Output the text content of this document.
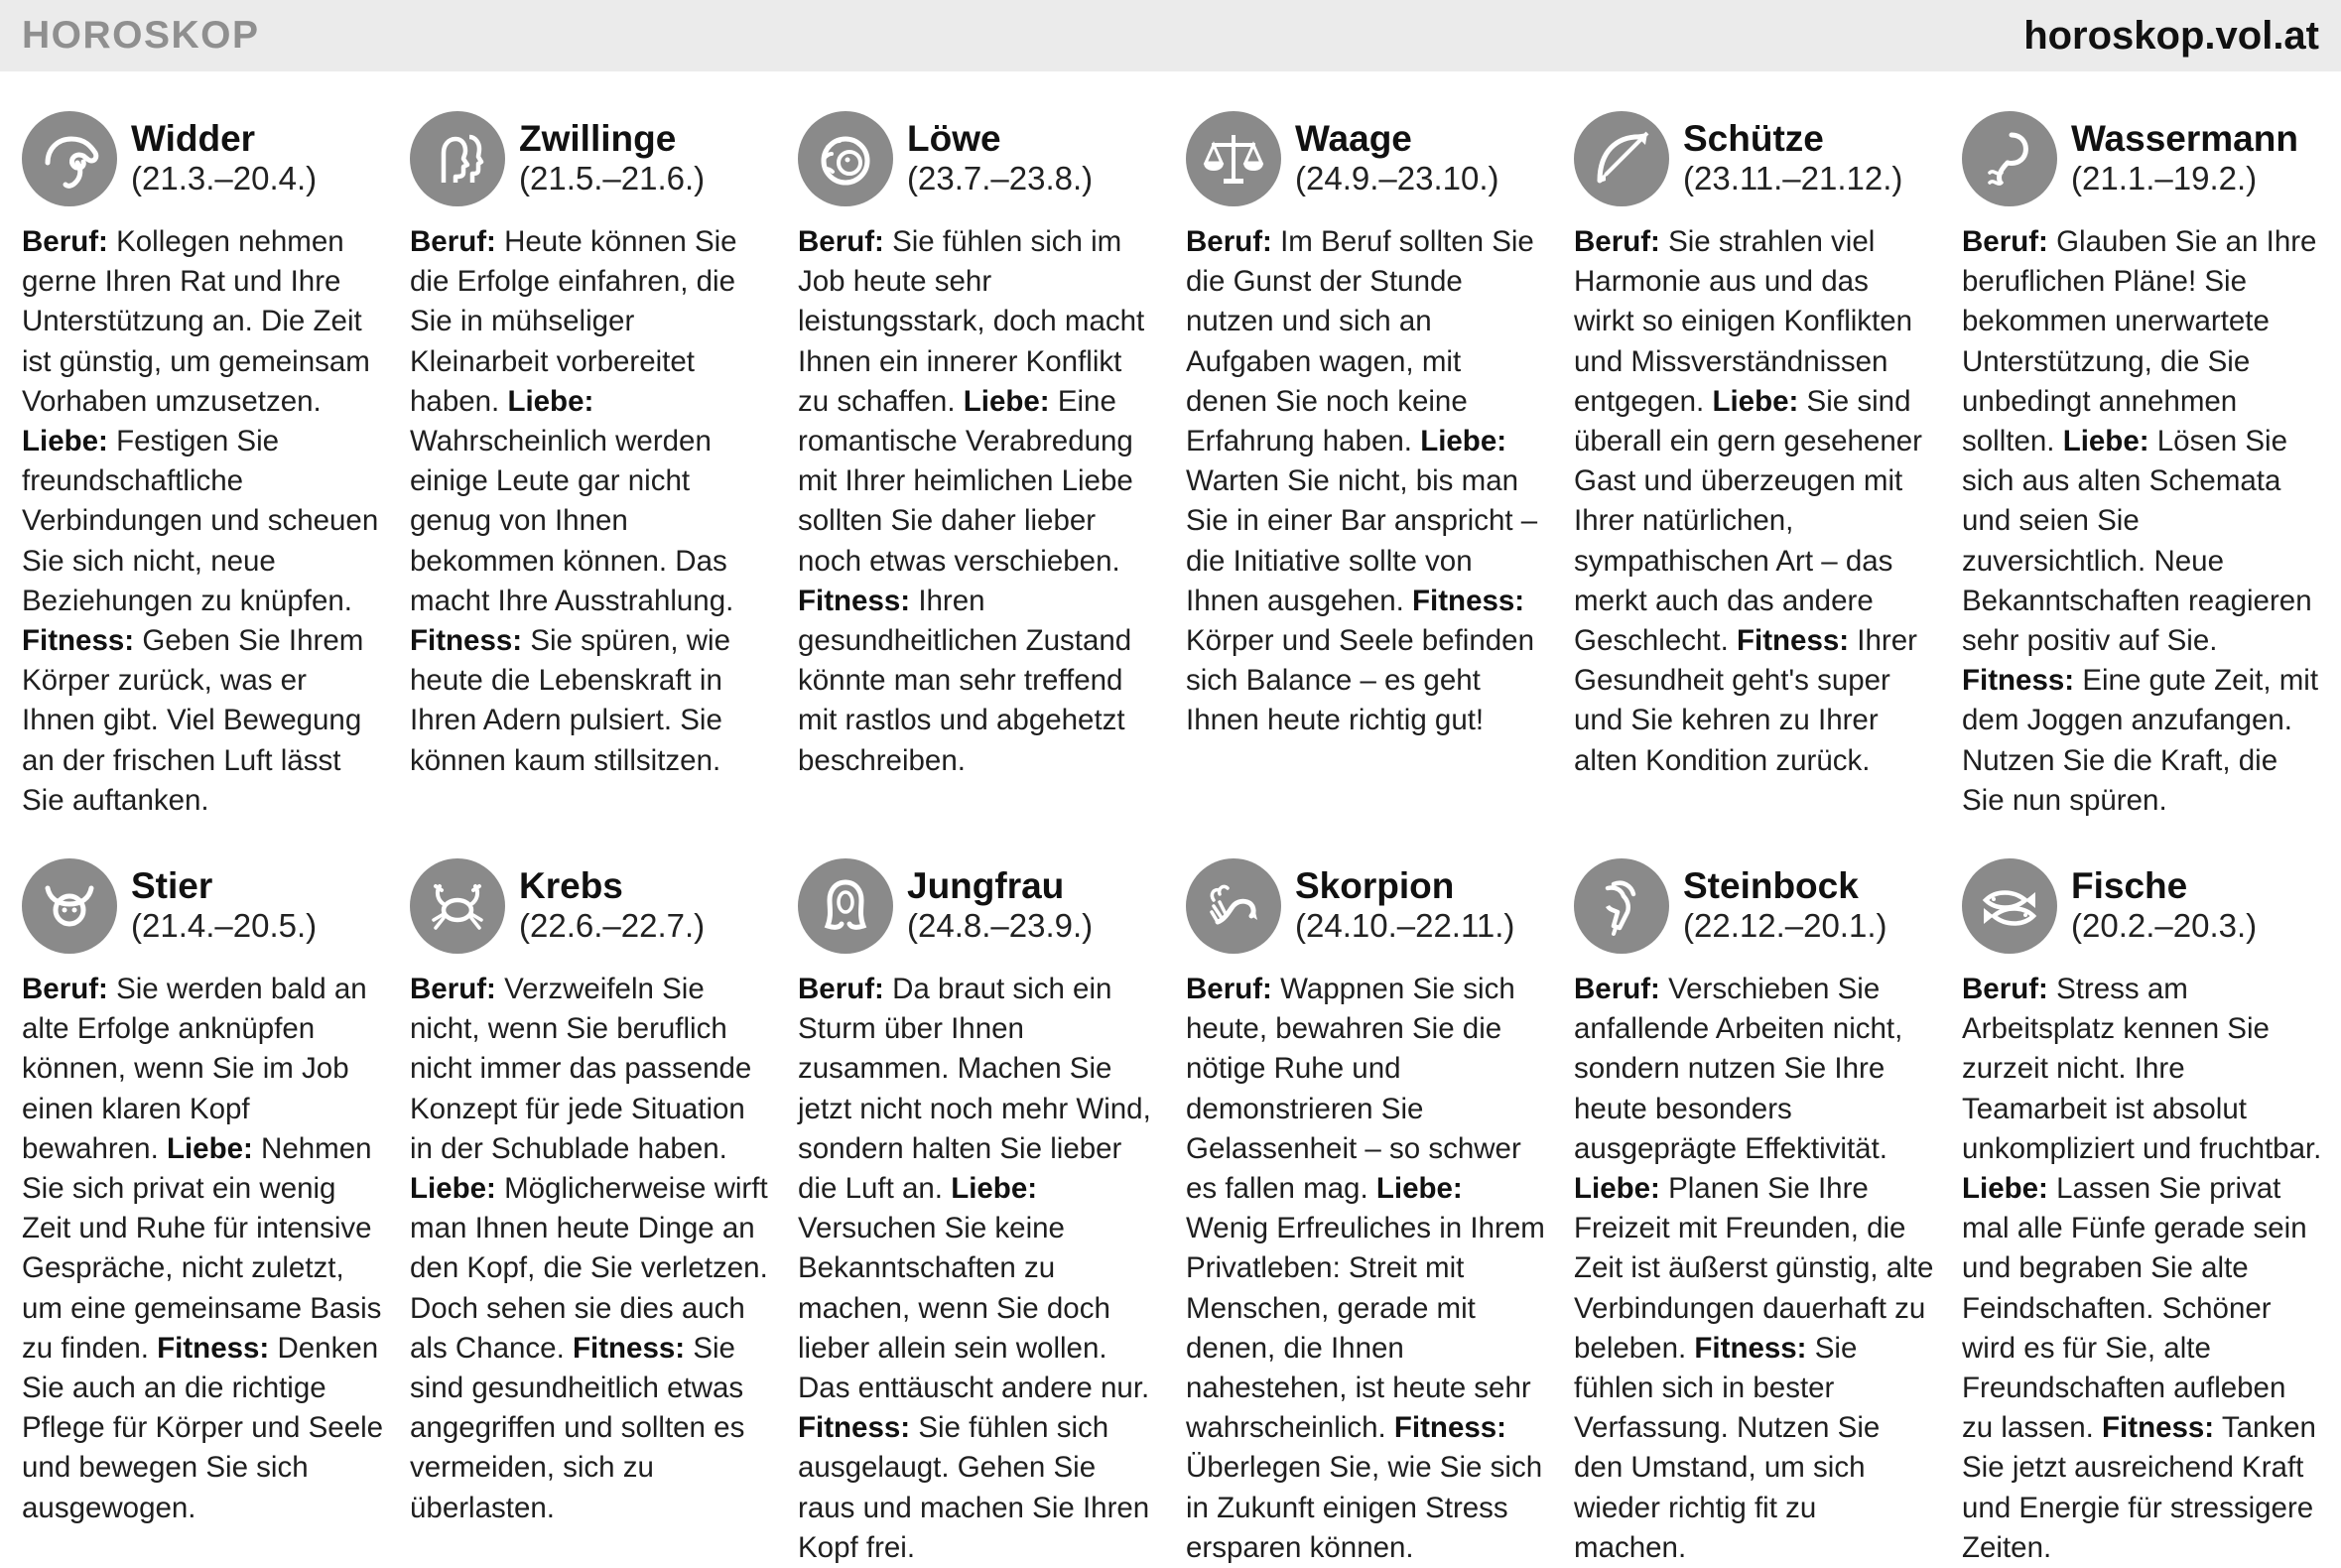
HOROSKOP	horoskop.vol.at
Widder
(21.3.–20.4.)
Beruf: Kollegen nehmen gerne Ihren Rat und Ihre Unterstützung an. Die Zeit ist günstig, um gemeinsam Vorhaben umzusetzen. Liebe: Festigen Sie freundschaftliche Verbindungen und scheuen Sie sich nicht, neue Beziehungen zu knüpfen. Fitness: Geben Sie Ihrem Körper zurück, was er Ihnen gibt. Viel Bewegung an der frischen Luft lässt Sie auftanken.
Zwillinge
(21.5.–21.6.)
Beruf: Heute können Sie die Erfolge einfahren, die Sie in mühseliger Kleinarbeit vorbereitet haben. Liebe: Wahrscheinlich werden einige Leute gar nicht genug von Ihnen bekommen können. Das macht Ihre Ausstrahlung. Fitness: Sie spüren, wie heute die Lebenskraft in Ihren Adern pulsiert. Sie können kaum stillsitzen.
Löwe
(23.7.–23.8.)
Beruf: Sie fühlen sich im Job heute sehr leistungsstark, doch macht Ihnen ein innerer Konflikt zu schaffen. Liebe: Eine romantische Verabredung mit Ihrer heimlichen Liebe sollten Sie daher lieber noch etwas verschieben. Fitness: Ihren gesundheitlichen Zustand könnte man sehr treffend mit rastlos und abgehetzt beschreiben.
Waage
(24.9.–23.10.)
Beruf: Im Beruf sollten Sie die Gunst der Stunde nutzen und sich an Aufgaben wagen, mit denen Sie noch keine Erfahrung haben. Liebe: Warten Sie nicht, bis man Sie in einer Bar anspricht – die Initiative sollte von Ihnen ausgehen. Fitness: Körper und Seele befinden sich Balance – es geht Ihnen heute richtig gut!
Schütze
(23.11.–21.12.)
Beruf: Sie strahlen viel Harmonie aus und das wirkt so einigen Konflikten und Missverständnissen entgegen. Liebe: Sie sind überall ein gern gesehener Gast und überzeugen mit Ihrer natürlichen, sympathischen Art – das merkt auch das andere Geschlecht. Fitness: Ihrer Gesundheit geht's super und Sie kehren zu Ihrer alten Kondition zurück.
Wassermann
(21.1.–19.2.)
Beruf: Glauben Sie an Ihre beruflichen Pläne! Sie bekommen unerwartete Unterstützung, die Sie unbedingt annehmen sollten. Liebe: Lösen Sie sich aus alten Schemata und seien Sie zuversichtlich. Neue Bekanntschaften reagieren sehr positiv auf Sie. Fitness: Eine gute Zeit, mit dem Joggen anzufangen. Nutzen Sie die Kraft, die Sie nun spüren.
Stier
(21.4.–20.5.)
Beruf: Sie werden bald an alte Erfolge anknüpfen können, wenn Sie im Job einen klaren Kopf bewahren. Liebe: Nehmen Sie sich privat ein wenig Zeit und Ruhe für intensive Gespräche, nicht zuletzt, um eine gemeinsame Basis zu finden. Fitness: Denken Sie auch an die richtige Pflege für Körper und Seele und bewegen Sie sich ausgewogen.
Krebs
(22.6.–22.7.)
Beruf: Verzweifeln Sie nicht, wenn Sie beruflich nicht immer das passende Konzept für jede Situation in der Schublade haben. Liebe: Möglicherweise wirft man Ihnen heute Dinge an den Kopf, die Sie verletzen. Doch sehen sie dies auch als Chance. Fitness: Sie sind gesundheitlich etwas angegriffen und sollten es vermeiden, sich zu überlasten.
Jungfrau
(24.8.–23.9.)
Beruf: Da braut sich ein Sturm über Ihnen zusammen. Machen Sie jetzt nicht noch mehr Wind, sondern halten Sie lieber die Luft an. Liebe: Versuchen Sie keine Bekanntschaften zu machen, wenn Sie doch lieber allein sein wollen. Das enttäuscht andere nur. Fitness: Sie fühlen sich ausgelaugt. Gehen Sie raus und machen Sie Ihren Kopf frei.
Skorpion
(24.10.–22.11.)
Beruf: Wappnen Sie sich heute, bewahren Sie die nötige Ruhe und demonstrieren Sie Gelassenheit – so schwer es fallen mag. Liebe: Wenig Erfreuliches in Ihrem Privatleben: Streit mit Menschen, gerade mit denen, die Ihnen nahestehen, ist heute sehr wahrscheinlich. Fitness: Überlegen Sie, wie Sie sich in Zukunft einigen Stress ersparen können.
Steinbock
(22.12.–20.1.)
Beruf: Verschieben Sie anfallende Arbeiten nicht, sondern nutzen Sie Ihre heute besonders ausgeprägte Effektivität. Liebe: Planen Sie Ihre Freizeit mit Freunden, die Zeit ist äußerst günstig, alte Verbindungen dauerhaft zu beleben. Fitness: Sie fühlen sich in bester Verfassung. Nutzen Sie den Umstand, um sich wieder richtig fit zu machen.
Fische
(20.2.–20.3.)
Beruf: Stress am Arbeitsplatz kennen Sie zurzeit nicht. Ihre Teamarbeit ist absolut unkompliziert und fruchtbar. Liebe: Lassen Sie privat mal alle Fünfe gerade sein und begraben Sie alte Feindschaften. Schöner wird es für Sie, alte Freundschaften aufleben zu lassen. Fitness: Tanken Sie jetzt ausreichend Kraft und Energie für stressigere Zeiten.
